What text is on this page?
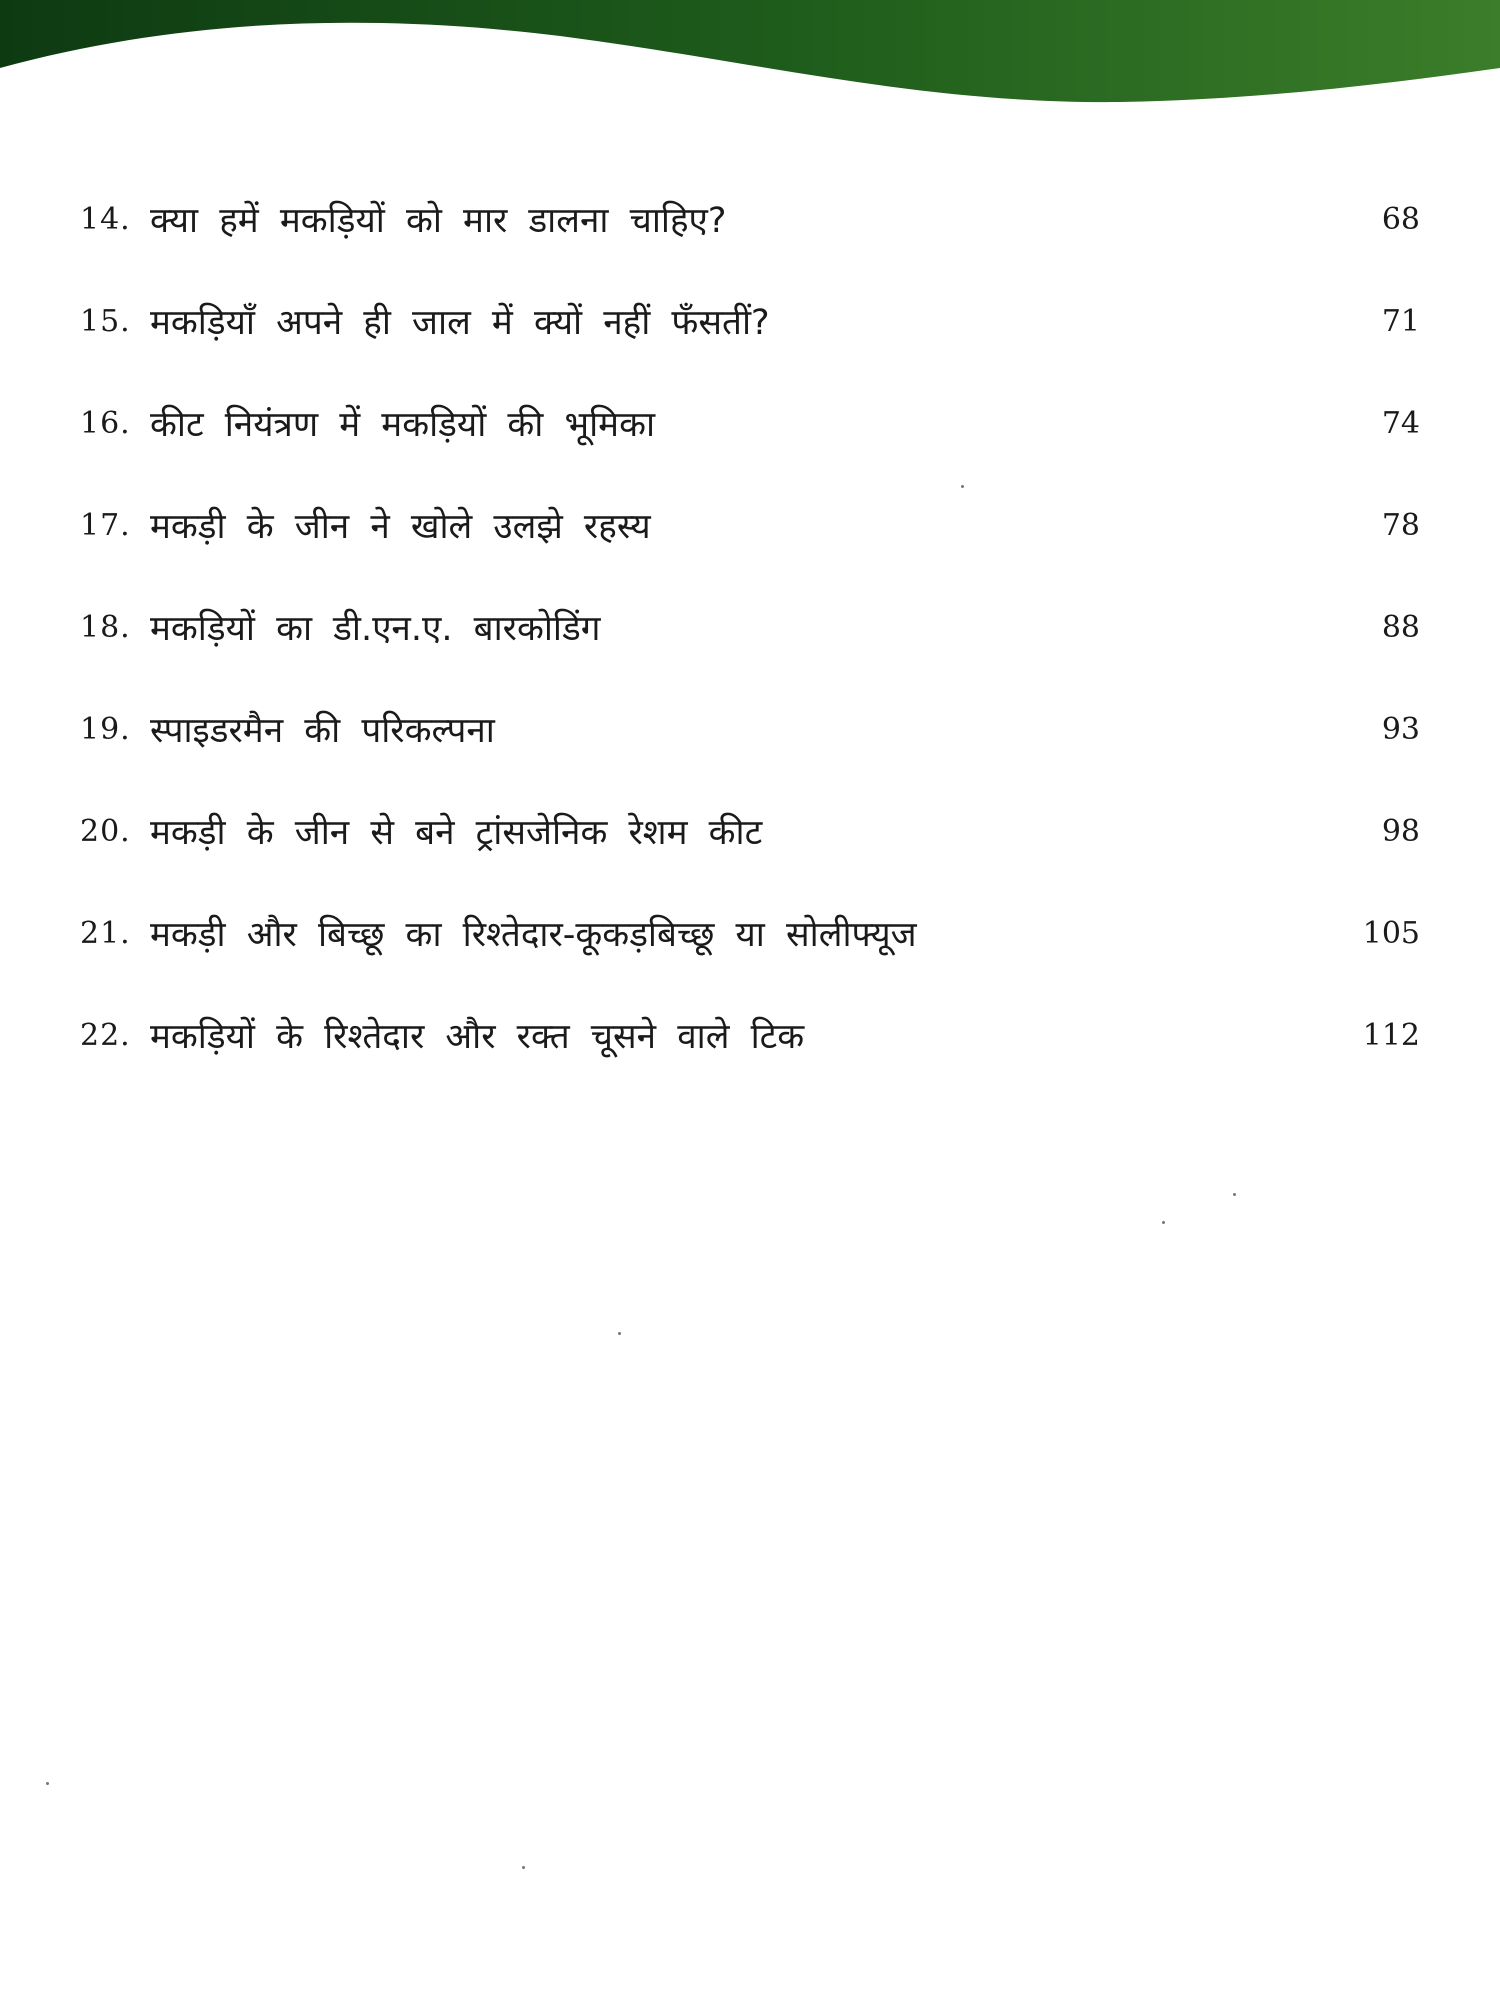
14. क्या हमें मकड़ियों को मार डालना चाहिए?	68
15. मकड़ियाँ अपने ही जाल में क्यों नहीं फँसतीं?	71
16. कीट नियंत्रण में मकड़ियों की भूमिका	74
17. मकड़ी के जीन ने खोले उलझे रहस्य	78
18. मकड़ियों का डी.एन.ए. बारकोडिंग	88
19. स्पाइडरमैन की परिकल्पना	93
20. मकड़ी के जीन से बने ट्रांसजेनिक रेशम कीट	98
21. मकड़ी और बिच्छू का रिश्तेदार-कूकड़बिच्छू या सोलीफ्यूज	105
22. मकड़ियों के रिश्तेदार और रक्त चूसने वाले टिक	112
